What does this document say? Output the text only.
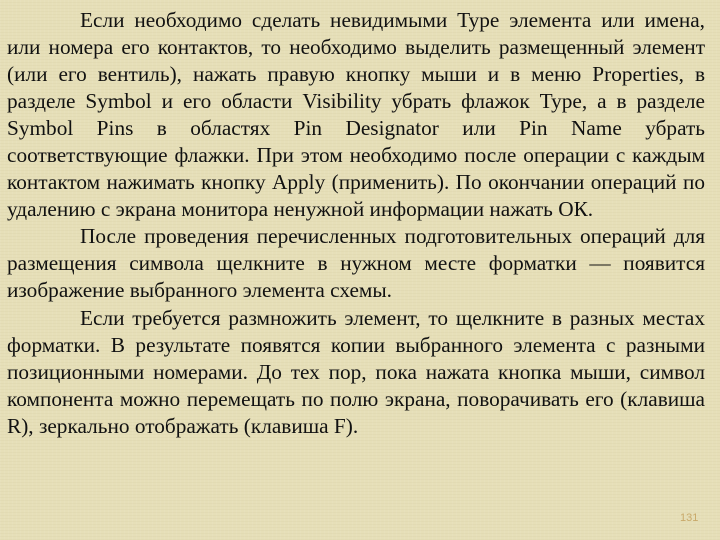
Если необходимо сделать невидимыми Type элемента или имена, или номера его контактов, то необходимо выделить размещенный элемент (или его вентиль), нажать правую кнопку мыши и в меню Properties, в разделе Symbol и его области Visibility убрать флажок Type, а в разделе Symbol Pins в областях Pin Designator или Pin Name убрать соответствующие флажки. При этом необходимо после операции с каждым контактом нажимать кнопку Apply (применить). По окончании операций по удалению с экрана монитора ненужной информации нажать ОК.

После проведения перечисленных подготовительных операций для размещения символа щелкните в нужном месте форматки — появится изображение выбранного элемента схемы.

Если требуется размножить элемент, то щелкните в разных местах форматки. В результате появятся копии выбранного элемента с разными позиционными номерами. До тех пор, пока нажата кнопка мыши, символ компонента можно перемещать по полю экрана, поворачивать его (клавиша R), зеркально отображать (клавиша F).

131
